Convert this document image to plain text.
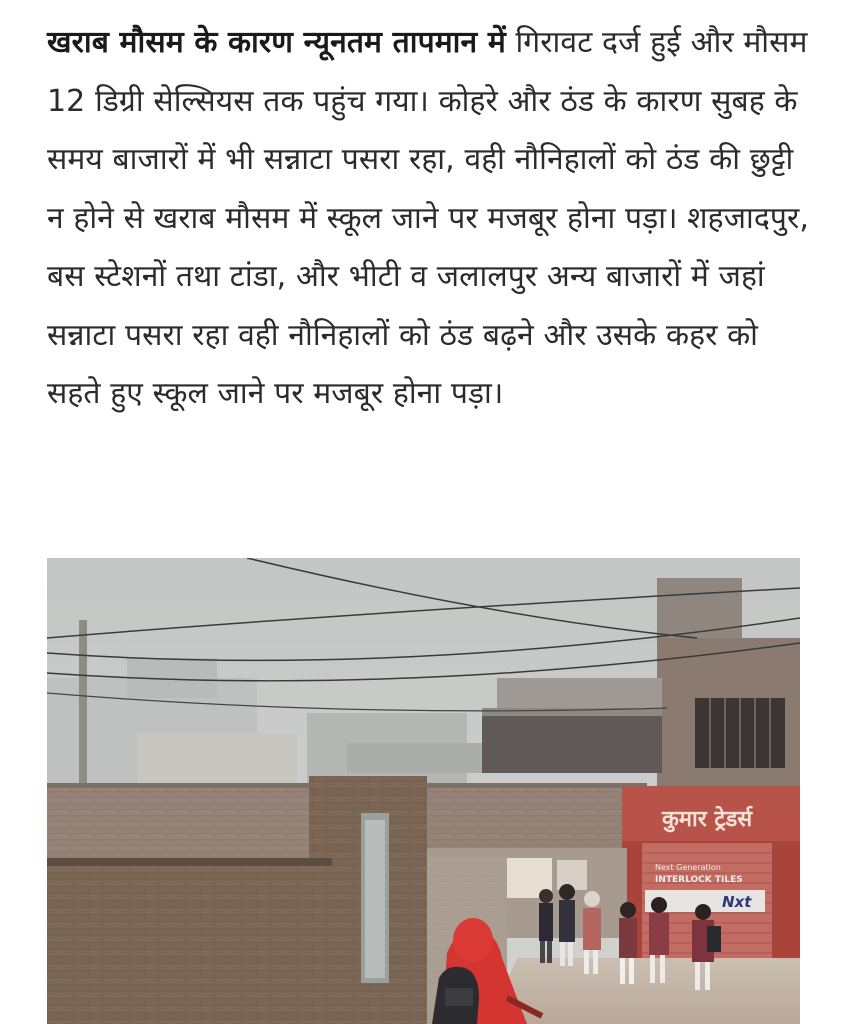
खराब मौसम के कारण न्यूनतम तापमान में गिरावट दर्ज हुई और मौसम 12 डिग्री सेल्सियस तक पहुंच गया। कोहरे और ठंड के कारण सुबह के समय बाजारों में भी सन्नाटा पसरा रहा, वही नौनिहालों को ठंड की छुट्टी न होने से खराब मौसम में स्कूल जाने पर मजबूर होना पड़ा। शहजादपुर, बस स्टेशनों तथा टांडा, और भीटी व जलालपुर अन्य बाजारों में जहां सन्नाटा पसरा रहा वही नौनिहालों को ठंड बढ़ने और उसके कहर को सहते हुए स्कूल जाने पर मजबूर होना पड़ा।

कुमार ट्रेडर्स
Next Generation
INTERLOCK TILES
Nxt
